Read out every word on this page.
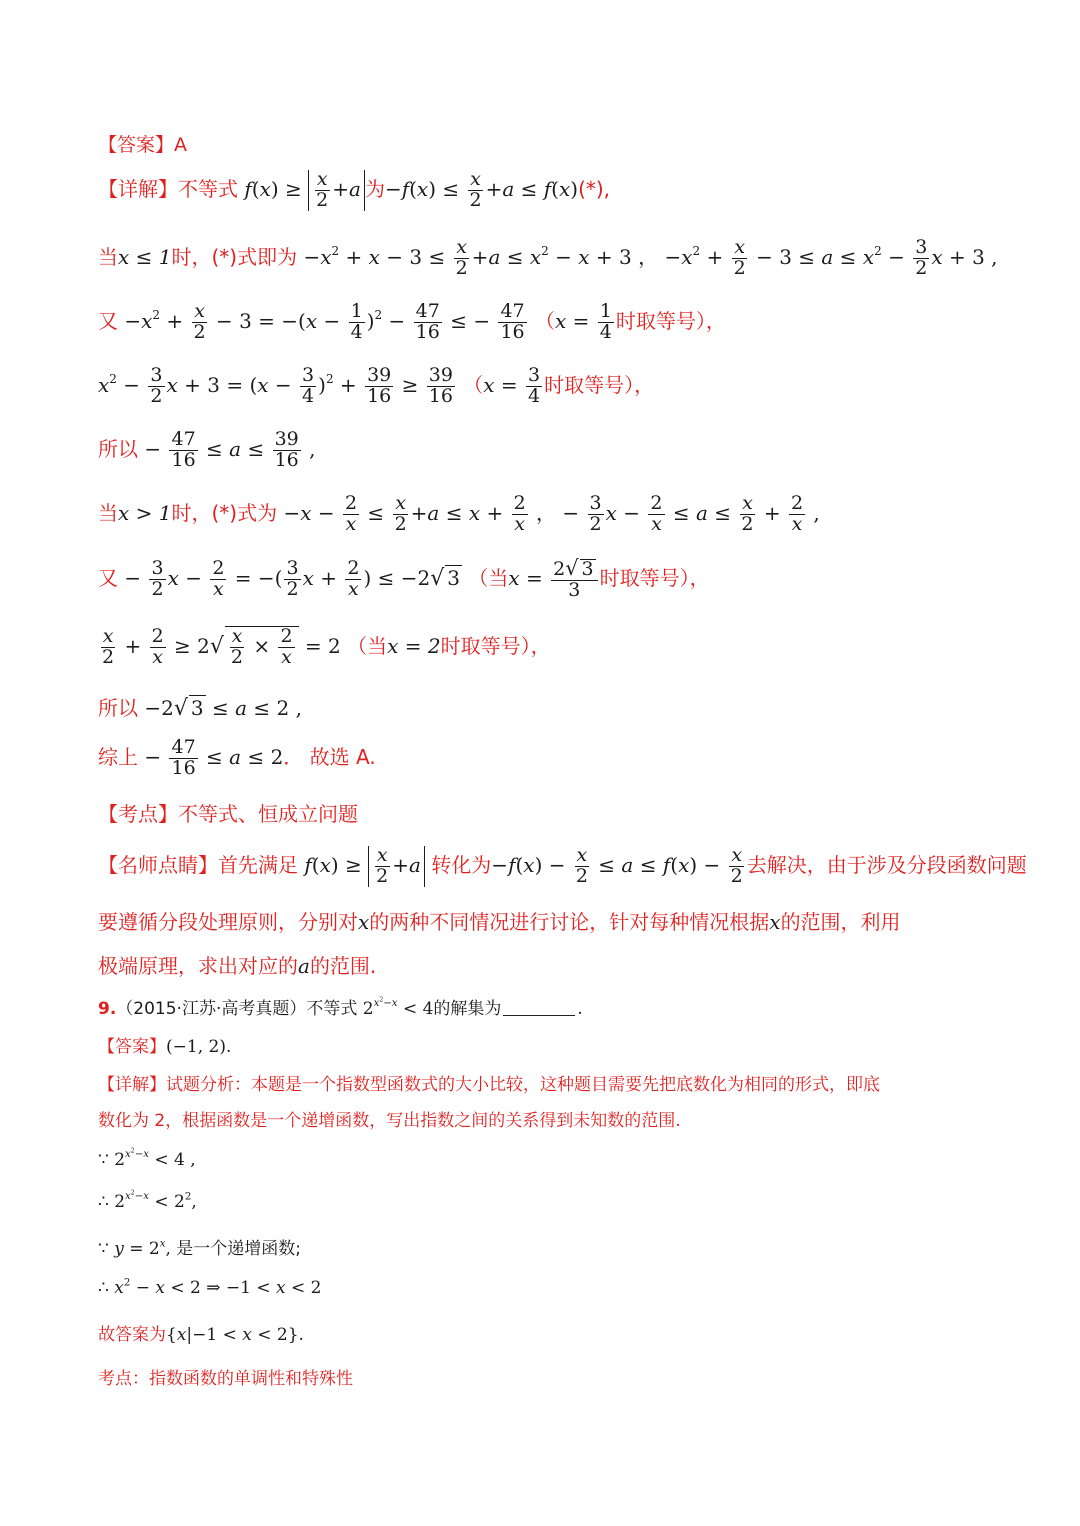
【答案】A
【详解】不等式 $f(x) \ge \frac{x}{2} +a$ 为$-f(x) \le \frac{x}{2} +a \le f(x)(*)$,
当x ≤ 1时，(*)式即为 $-x^2 + x - 3 \le \frac{x}{2} +a \le x^2 - x + 3$ ， $-x^2 + \frac{x}{2} - 3 \le a \le x^2 - \frac{3}{2}$ x + 3 ,
又 $-x^2 + \frac{x}{2} - 3 = -(x - \frac{1}{4} )^2 - \frac{47}{16}$ ≤ − $\frac{47}{16} (x = \frac{1}{4}$ 时取等号），
$x^2 - \frac{3}{2}$ $x + 3 = (x - \frac{3}{4} )^2 + \frac{39}{16} \ge \frac{39}{16} (x = \frac{3}{4}$ 时取等号），
所以 − $\frac{47}{16} \le a \le \frac{39}{16}$ ,
当x > 1时，(*)式为 $-x - \frac{2}{x} \le \frac{x}{2} +a \le x + \frac{2}{x}$ ， − $\frac{3}{2}$ $x - \frac{2}{x} \le a \le \frac{x}{2} + \frac{2}{x}$ ,
又 − $\frac{3}{2}$ $x - \frac{2}{x}$ = −( $\frac{3}{2}$ $x + \frac{2}{x}$ ) ≤ −2√ 3 （当$x = \frac{2√ 3}{3}$ 时取等号），
$\frac{x}{2} + \frac{2}{x} \ge 2√ \frac{x}{2} \times \frac{2}{x} = 2$ （当x = 2时取等号），
所以 −2√ 3 ≤ a ≤ 2 ,
综上 − $\frac{47}{16} \le a \le 2$． 故选 A.
【考点】不等式、恒成立问题
【名师点睛】首先满足 $f(x) \ge \frac{x}{2} +a$ 转化为$-f(x) - \frac{x}{2} \le a \le f(x) - \frac{x}{2}$ 去解决，由于涉及分段函数问题
要遵循分段处理原则，分别对x的两种不同情况进行讨论，针对每种情况根据x的范围，利用
极端原理，求出对应的a的范围.
9.（2015·江苏·高考真题）不等式 $2^{x^2-x} < 4$的解集为	.
【答案】(−1, 2).
【详解】试题分析：本题是一个指数型函数式的大小比较，这种题目需要先把底数化为相同的形式，即底
数化为 2，根据函数是一个递增函数，写出指数之间的关系得到未知数的范围.
∵ $2^{x^2-x} < 4$ ,
∴ $2^{x^2-x} < 2^2$,
∵ $y = 2^x$, 是一个递增函数;
∴ $x^2 - x < 2$ ⇒ −1 < x < 2
故答案为{x|−1 < x < 2}.
考点：指数函数的单调性和特殊性
